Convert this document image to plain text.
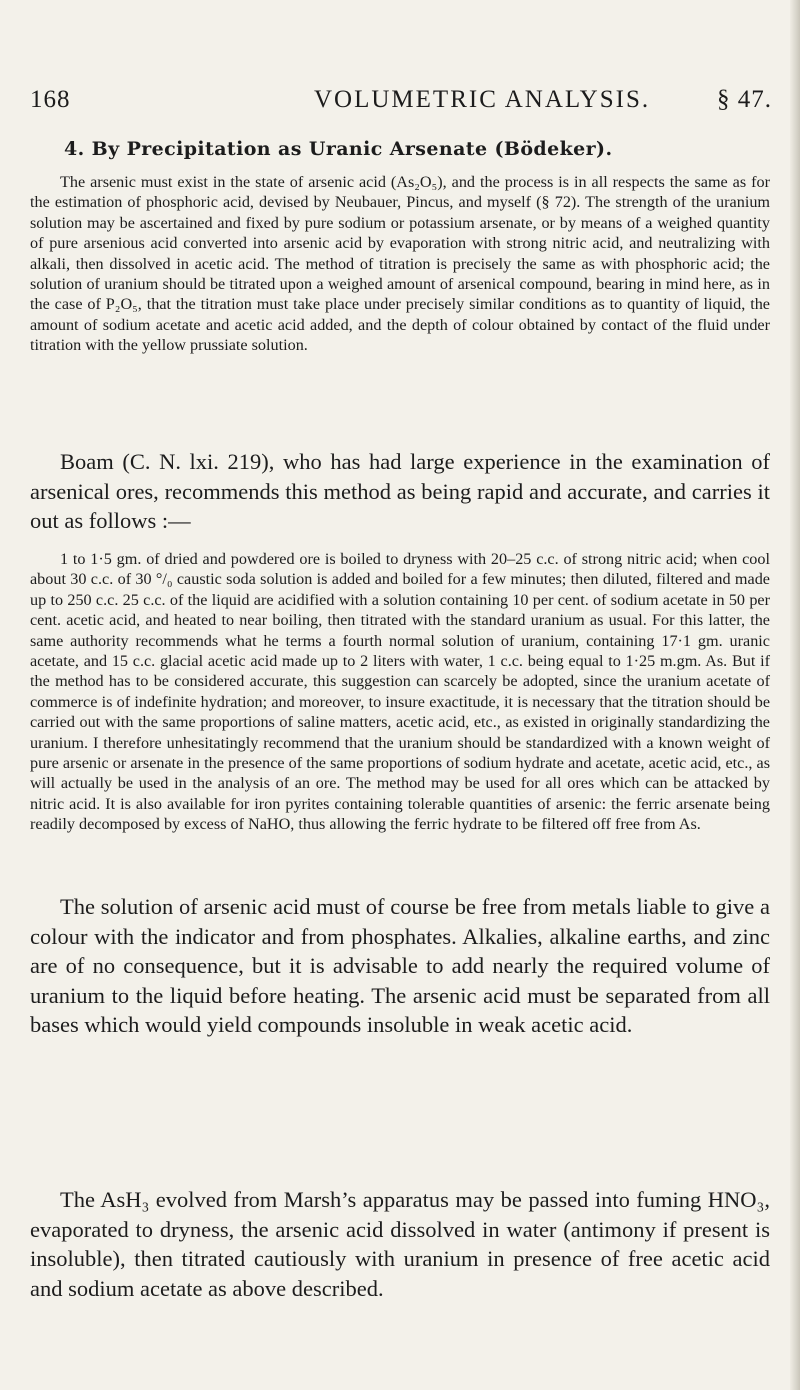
168	VOLUMETRIC ANALYSIS.	§ 47.
4. By Precipitation as Uranic Arsenate (Bödeker).

The arsenic must exist in the state of arsenic acid (As₂O₅), and the process is in all respects the same as for the estimation of phosphoric acid, devised by Neubauer, Pincus, and myself (§ 72). The strength of the uranium solution may be ascertained and fixed by pure sodium or potassium arsenate, or by means of a weighed quantity of pure arsenious acid converted into arsenic acid by evaporation with strong nitric acid, and neutralizing with alkali, then dissolved in acetic acid. The method of titration is precisely the same as with phosphoric acid; the solution of uranium should be titrated upon a weighed amount of arsenical compound, bearing in mind here, as in the case of P₂O₅, that the titration must take place under precisely similar conditions as to quantity of liquid, the amount of sodium acetate and acetic acid added, and the depth of colour obtained by contact of the fluid under titration with the yellow prussiate solution.

Boam (C. N. lxi. 219), who has had large experience in the examination of arsenical ores, recommends this method as being rapid and accurate, and carries it out as follows :—

1 to 1·5 gm. of dried and powdered ore is boiled to dryness with 20–25 c.c. of strong nitric acid; when cool about 30 c.c. of 30 °/₀ caustic soda solution is added and boiled for a few minutes; then diluted, filtered and made up to 250 c.c. 25 c.c. of the liquid are acidified with a solution containing 10 per cent. of sodium acetate in 50 per cent. acetic acid, and heated to near boiling, then titrated with the standard uranium as usual. For this latter, the same authority recommends what he terms a fourth normal solution of uranium, containing 17·1 gm. uranic acetate, and 15 c.c. glacial acetic acid made up to 2 liters with water, 1 c.c. being equal to 1·25 m.gm. As. But if the method has to be considered accurate, this suggestion can scarcely be adopted, since the uranium acetate of commerce is of indefinite hydration; and moreover, to insure exactitude, it is necessary that the titration should be carried out with the same proportions of saline matters, acetic acid, etc., as existed in originally standardizing the uranium. I therefore unhesitatingly recommend that the uranium should be standardized with a known weight of pure arsenic or arsenate in the presence of the same proportions of sodium hydrate and acetate, acetic acid, etc., as will actually be used in the analysis of an ore. The method may be used for all ores which can be attacked by nitric acid. It is also available for iron pyrites containing tolerable quantities of arsenic: the ferric arsenate being readily decomposed by excess of NaHO, thus allowing the ferric hydrate to be filtered off free from As.

The solution of arsenic acid must of course be free from metals liable to give a colour with the indicator and from phosphates. Alkalies, alkaline earths, and zinc are of no consequence, but it is advisable to add nearly the required volume of uranium to the liquid before heating. The arsenic acid must be separated from all bases which would yield compounds insoluble in weak acetic acid.

The AsH₃ evolved from Marsh’s apparatus may be passed into fuming HNO₃, evaporated to dryness, the arsenic acid dissolved in water (antimony if present is insoluble), then titrated cautiously with uranium in presence of free acetic acid and sodium acetate as above described.
